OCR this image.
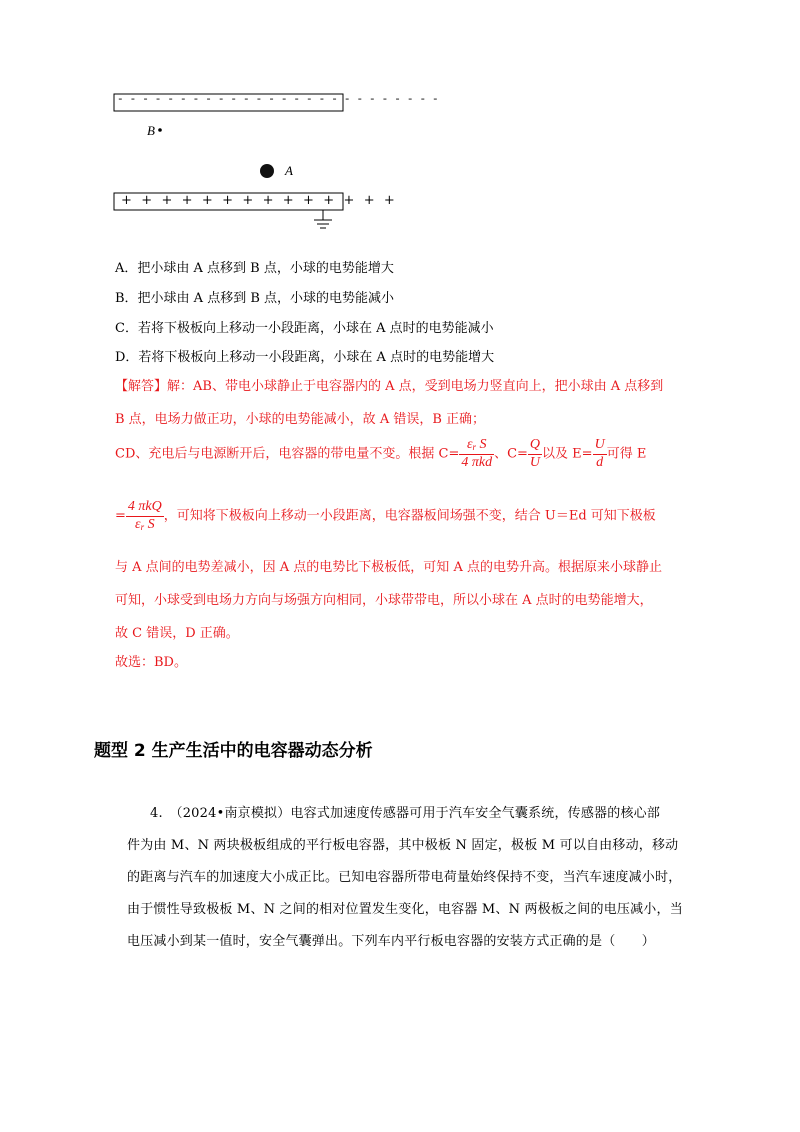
- - - - - - - - - - - - - - - - - - - - - - - - - -
+ + + + + + + + + + + + + +
B
A
A．把小球由 A 点移到 B 点，小球的电势能增大
B．把小球由 A 点移到 B 点，小球的电势能减小
C．若将下极板向上移动一小段距离，小球在 A 点时的电势能减小
D．若将下极板向上移动一小段距离，小球在 A 点时的电势能增大
【解答】解：AB、带电小球静止于电容器内的 A 点，受到电场力竖直向上，把小球由 A 点移到
B 点，电场力做正功，小球的电势能减小，故 A 错误，B 正确；
CD、充电后与电源断开后，电容器的带电量不变。根据 $C= \frac{\varepsilon_r S}{\text{4 πkd}}$ 、$C= \frac{Q}{U}$ 以及 $E= \frac{U}{d}$ 可得 E
= $\frac{\text{4 πkQ}}{\varepsilon_r S}$ ，可知将下极板向上移动一小段距离，电容器板间场强不变，结合 U＝Ed 可知下极板
与 A 点间的电势差减小，因 A 点的电势比下极板低，可知 A 点的电势升高。根据原来小球静止
可知，小球受到电场力方向与场强方向相同，小球带带电，所以小球在 A 点时的电势能增大，
故 C 错误，D 正确。
故选：BD。
题型 2 生产生活中的电容器动态分析
4.　（2024•南京模拟）电容式加速度传感器可用于汽车安全气囊系统，传感器的核心部
件为由 M、N 两块极板组成的平行板电容器，其中极板 N 固定，极板 M 可以自由移动，移动
的距离与汽车的加速度大小成正比。已知电容器所带电荷量始终保持不变，当汽车速度减小时，
由于惯性导致极板 M、N 之间的相对位置发生变化，电容器 M、N 两极板之间的电压减小，当
电压减小到某一值时，安全气囊弹出。下列车内平行板电容器的安装方式正确的是（　　）
